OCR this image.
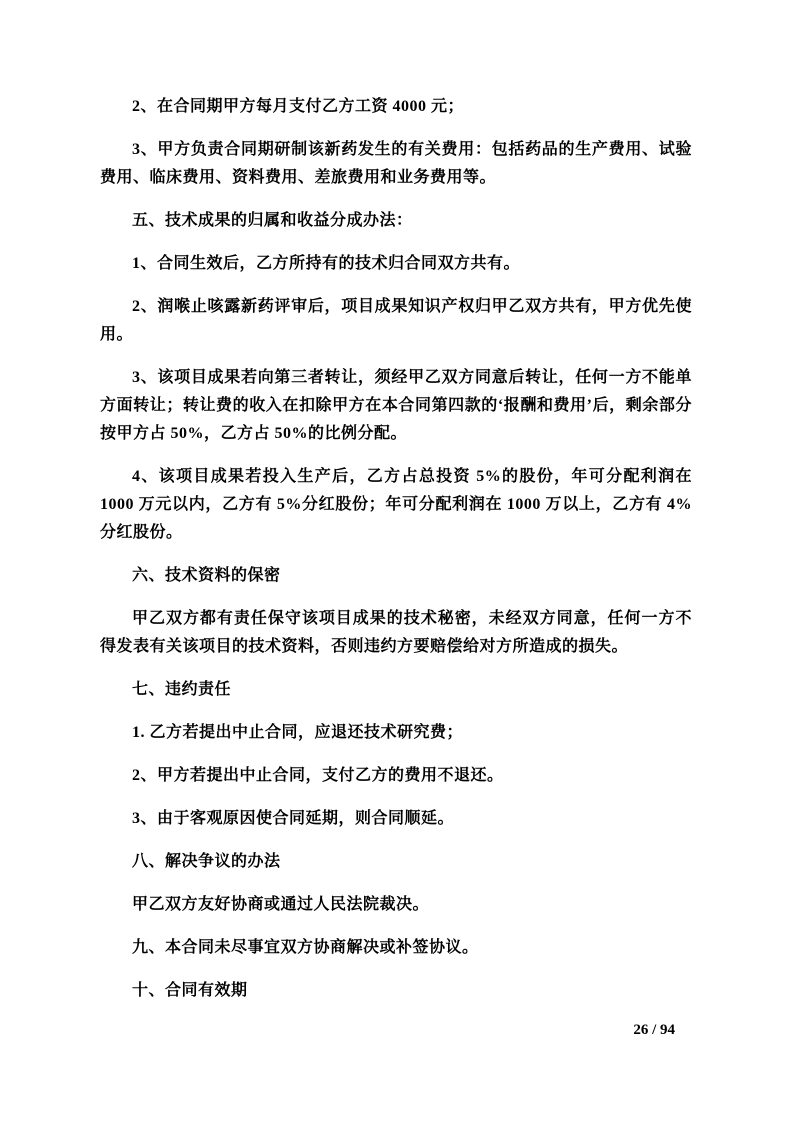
2、在合同期甲方每月支付乙方工资 4000 元；
3、甲方负责合同期研制该新药发生的有关费用：包括药品的生产费用、试验费用、临床费用、资料费用、差旅费用和业务费用等。
五、技术成果的归属和收益分成办法：
1、合同生效后，乙方所持有的技术归合同双方共有。
2、润喉止咳露新药评审后，项目成果知识产权归甲乙双方共有，甲方优先使用。
3、该项目成果若向第三者转让，须经甲乙双方同意后转让，任何一方不能单方面转让；转让费的收入在扣除甲方在本合同第四款的‘报酬和费用’后，剩余部分按甲方占 50%，乙方占 50%的比例分配。
4、该项目成果若投入生产后，乙方占总投资 5%的股份，年可分配利润在 1000 万元以内，乙方有 5%分红股份；年可分配利润在 1000 万以上，乙方有 4%分红股份。
六、技术资料的保密
甲乙双方都有责任保守该项目成果的技术秘密，未经双方同意，任何一方不得发表有关该项目的技术资料，否则违约方要赔偿给对方所造成的损失。
七、违约责任
1. 乙方若提出中止合同，应退还技术研究费；
2、甲方若提出中止合同，支付乙方的费用不退还。
3、由于客观原因使合同延期，则合同顺延。
八、解决争议的办法
甲乙双方友好协商或通过人民法院裁决。
九、本合同未尽事宜双方协商解决或补签协议。
十、合同有效期
26 / 94
